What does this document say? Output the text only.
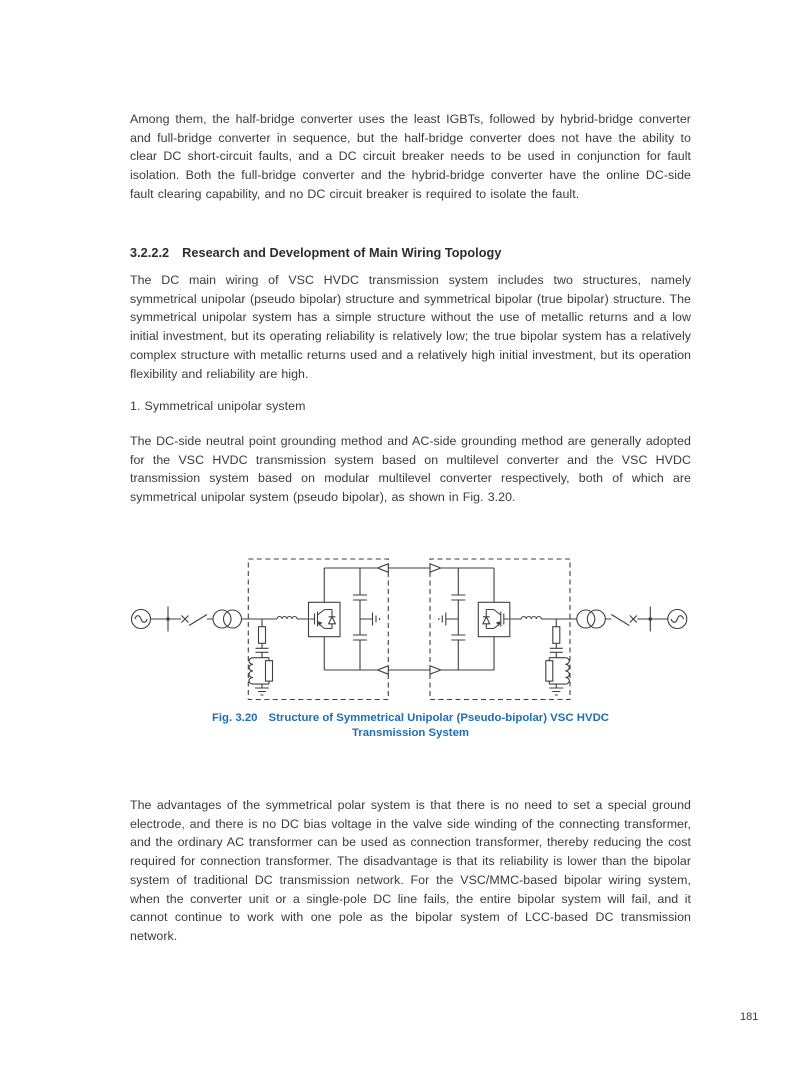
Among them, the half-bridge converter uses the least IGBTs, followed by hybrid-bridge converter and full-bridge converter in sequence, but the half-bridge converter does not have the ability to clear DC short-circuit faults, and a DC circuit breaker needs to be used in conjunction for fault isolation. Both the full-bridge converter and the hybrid-bridge converter have the online DC-side fault clearing capability, and no DC circuit breaker is required to isolate the fault.

3.2.2.2 Research and Development of Main Wiring Topology

The DC main wiring of VSC HVDC transmission system includes two structures, namely symmetrical unipolar (pseudo bipolar) structure and symmetrical bipolar (true bipolar) structure. The symmetrical unipolar system has a simple structure without the use of metallic returns and a low initial investment, but its operating reliability is relatively low; the true bipolar system has a relatively complex structure with metallic returns used and a relatively high initial investment, but its operation flexibility and reliability are high.

1. Symmetrical unipolar system

The DC-side neutral point grounding method and AC-side grounding method are generally adopted for the VSC HVDC transmission system based on multilevel converter and the VSC HVDC transmission system based on modular multilevel converter respectively, both of which are symmetrical unipolar system (pseudo bipolar), as shown in Fig. 3.20.

Fig. 3.20 Structure of Symmetrical Unipolar (Pseudo-bipolar) VSC HVDC Transmission System

The advantages of the symmetrical polar system is that there is no need to set a special ground electrode, and there is no DC bias voltage in the valve side winding of the connecting transformer, and the ordinary AC transformer can be used as connection transformer, thereby reducing the cost required for connection transformer. The disadvantage is that its reliability is lower than the bipolar system of traditional DC transmission network. For the VSC/MMC-based bipolar wiring system, when the converter unit or a single-pole DC line fails, the entire bipolar system will fail, and it cannot continue to work with one pole as the bipolar system of LCC-based DC transmission network.

181
